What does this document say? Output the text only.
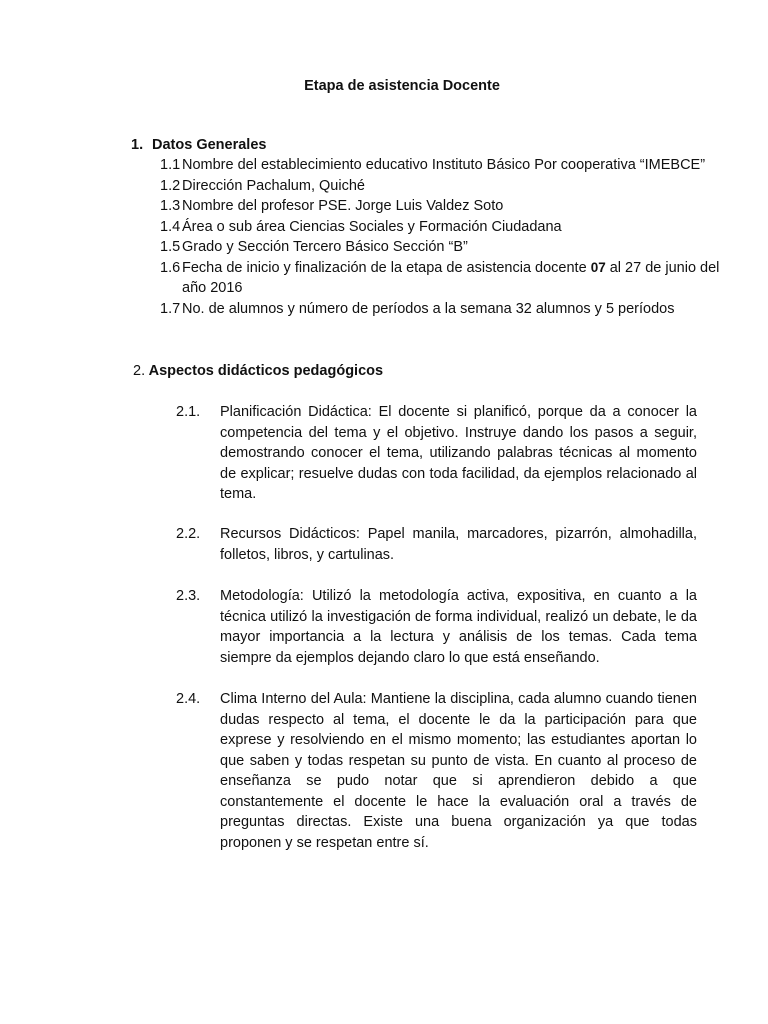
Etapa de asistencia Docente
1. Datos Generales
1.1 Nombre del establecimiento educativo Instituto Básico Por cooperativa “IMEBCE”
1.2 Dirección Pachalum, Quiché
1.3 Nombre del profesor PSE. Jorge Luis Valdez Soto
1.4 Área o sub área Ciencias Sociales y Formación Ciudadana
1.5 Grado y Sección Tercero Básico Sección “B”
1.6 Fecha de inicio y finalización de la etapa de asistencia docente 07 al 27 de junio del año 2016
1.7 No. de alumnos y número de períodos a la semana 32 alumnos y 5 períodos
2. Aspectos didácticos pedagógicos
2.1.	Planificación Didáctica: El docente si planificó, porque da a conocer la competencia del tema y el objetivo. Instruye dando los pasos a seguir, demostrando conocer el tema, utilizando palabras técnicas al momento de explicar; resuelve dudas con toda facilidad, da ejemplos relacionado al tema.
2.2.	Recursos Didácticos: Papel manila, marcadores, pizarrón, almohadilla, folletos, libros, y cartulinas.
2.3.	Metodología: Utilizó la metodología activa, expositiva, en cuanto a la técnica utilizó la investigación de forma individual, realizó un debate, le da mayor importancia a la lectura y análisis de los temas. Cada tema siempre da ejemplos dejando claro lo que está enseñando.
2.4.	Clima Interno del Aula: Mantiene la disciplina, cada alumno cuando tienen dudas respecto al tema, el docente le da la participación para que exprese y resolviendo en el mismo momento; las estudiantes aportan lo que saben y todas respetan su punto de vista. En cuanto al proceso de enseñanza se pudo notar que si aprendieron debido a que constantemente el docente le hace la evaluación oral a través de preguntas directas. Existe una buena organización ya que todas proponen y se respetan entre sí.
